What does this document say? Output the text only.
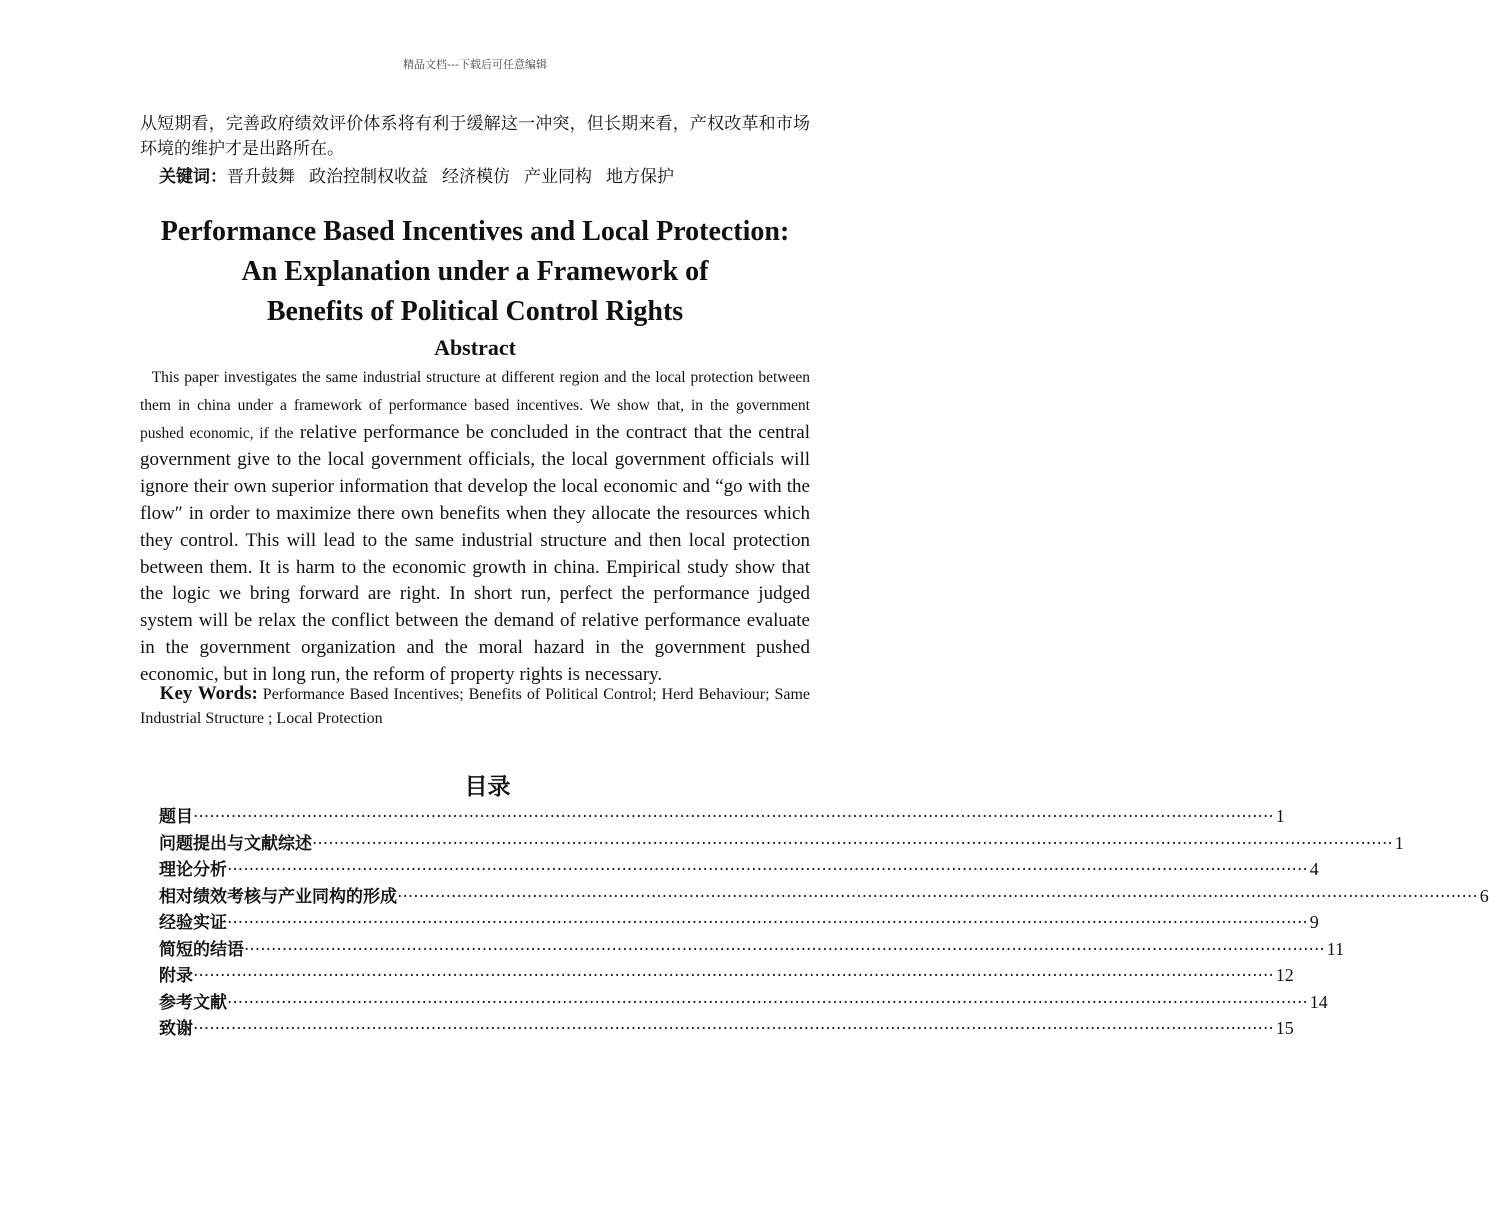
精品文档---下载后可任意编辑

从短期看，完善政府绩效评价体系将有利于缓解这一冲突，但长期来看，产权改革和市场环境的维护才是出路所在。

关键词：晋升鼓舞 政治控制权收益 经济模仿 产业同构 地方保护
Performance Based Incentives and Local Protection:
An Explanation under a Framework of
Benefits of Political Control Rights
Abstract

This paper investigates the same industrial structure at different region and the local protection between them in china under a framework of performance based incentives. We show that, in the government pushed economic, if the relative performance be concluded in the contract that the central government give to the local government officials, the local government officials will ignore their own superior information that develop the local economic and “go with the flow″ in order to maximize there own benefits when they allocate the resources which they control. This will lead to the same industrial structure and then local protection between them. It is harm to the economic growth in china. Empirical study show that the logic we bring forward are right. In short run, perfect the performance judged system will be relax the conflict between the demand of relative performance evaluate in the government organization and the moral hazard in the government pushed economic, but in long run, the reform of property rights is necessary.

Key Words: Performance Based Incentives; Benefits of Political Control; Herd Behaviour; Same Industrial Structure ; Local Protection
目录
题目 ········································································································································································································ 1
问题提出与文献综述 ········································································································································································································ 1
理论分析 ········································································································································································································ 4
相对绩效考核与产业同构的形成 ········································································································································································································ 6
经验实证 ········································································································································································································ 9
简短的结语 ········································································································································································································ 11
附录 ········································································································································································································ 12
参考文献 ········································································································································································································ 14
致谢 ········································································································································································································ 15
